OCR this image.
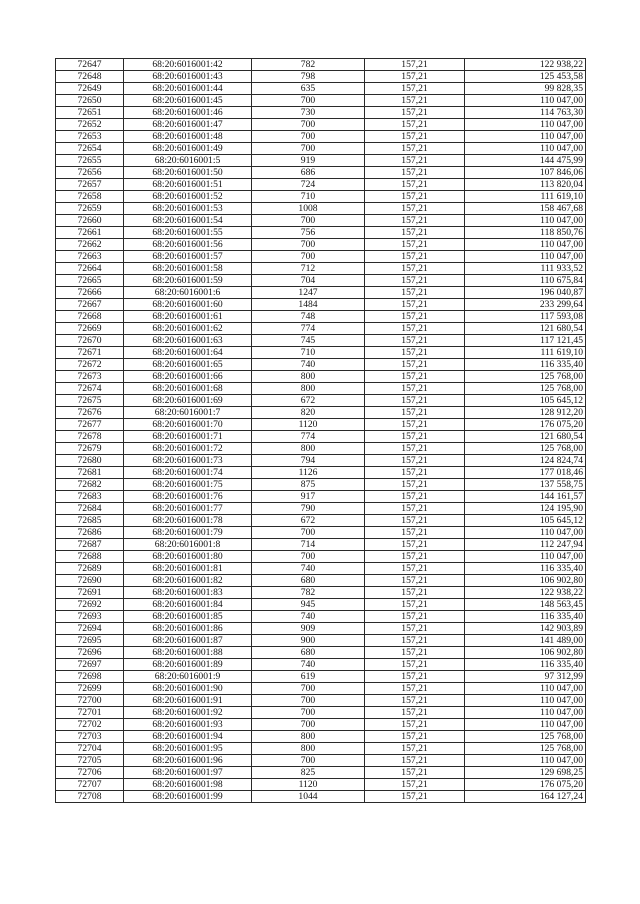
72647	68:20:6016001:42	782	157,21	122 938,22
72648	68:20:6016001:43	798	157,21	125 453,58
72649	68:20:6016001:44	635	157,21	99 828,35
72650	68:20:6016001:45	700	157,21	110 047,00
72651	68:20:6016001:46	730	157,21	114 763,30
72652	68:20:6016001:47	700	157,21	110 047,00
72653	68:20:6016001:48	700	157,21	110 047,00
72654	68:20:6016001:49	700	157,21	110 047,00
72655	68:20:6016001:5	919	157,21	144 475,99
72656	68:20:6016001:50	686	157,21	107 846,06
72657	68:20:6016001:51	724	157,21	113 820,04
72658	68:20:6016001:52	710	157,21	111 619,10
72659	68:20:6016001:53	1008	157,21	158 467,68
72660	68:20:6016001:54	700	157,21	110 047,00
72661	68:20:6016001:55	756	157,21	118 850,76
72662	68:20:6016001:56	700	157,21	110 047,00
72663	68:20:6016001:57	700	157,21	110 047,00
72664	68:20:6016001:58	712	157,21	111 933,52
72665	68:20:6016001:59	704	157,21	110 675,84
72666	68:20:6016001:6	1247	157,21	196 040,87
72667	68:20:6016001:60	1484	157,21	233 299,64
72668	68:20:6016001:61	748	157,21	117 593,08
72669	68:20:6016001:62	774	157,21	121 680,54
72670	68:20:6016001:63	745	157,21	117 121,45
72671	68:20:6016001:64	710	157,21	111 619,10
72672	68:20:6016001:65	740	157,21	116 335,40
72673	68:20:6016001:66	800	157,21	125 768,00
72674	68:20:6016001:68	800	157,21	125 768,00
72675	68:20:6016001:69	672	157,21	105 645,12
72676	68:20:6016001:7	820	157,21	128 912,20
72677	68:20:6016001:70	1120	157,21	176 075,20
72678	68:20:6016001:71	774	157,21	121 680,54
72679	68:20:6016001:72	800	157,21	125 768,00
72680	68:20:6016001:73	794	157,21	124 824,74
72681	68:20:6016001:74	1126	157,21	177 018,46
72682	68:20:6016001:75	875	157,21	137 558,75
72683	68:20:6016001:76	917	157,21	144 161,57
72684	68:20:6016001:77	790	157,21	124 195,90
72685	68:20:6016001:78	672	157,21	105 645,12
72686	68:20:6016001:79	700	157,21	110 047,00
72687	68:20:6016001:8	714	157,21	112 247,94
72688	68:20:6016001:80	700	157,21	110 047,00
72689	68:20:6016001:81	740	157,21	116 335,40
72690	68:20:6016001:82	680	157,21	106 902,80
72691	68:20:6016001:83	782	157,21	122 938,22
72692	68:20:6016001:84	945	157,21	148 563,45
72693	68:20:6016001:85	740	157,21	116 335,40
72694	68:20:6016001:86	909	157,21	142 903,89
72695	68:20:6016001:87	900	157,21	141 489,00
72696	68:20:6016001:88	680	157,21	106 902,80
72697	68:20:6016001:89	740	157,21	116 335,40
72698	68:20:6016001:9	619	157,21	97 312,99
72699	68:20:6016001:90	700	157,21	110 047,00
72700	68:20:6016001:91	700	157,21	110 047,00
72701	68:20:6016001:92	700	157,21	110 047,00
72702	68:20:6016001:93	700	157,21	110 047,00
72703	68:20:6016001:94	800	157,21	125 768,00
72704	68:20:6016001:95	800	157,21	125 768,00
72705	68:20:6016001:96	700	157,21	110 047,00
72706	68:20:6016001:97	825	157,21	129 698,25
72707	68:20:6016001:98	1120	157,21	176 075,20
72708	68:20:6016001:99	1044	157,21	164 127,24
